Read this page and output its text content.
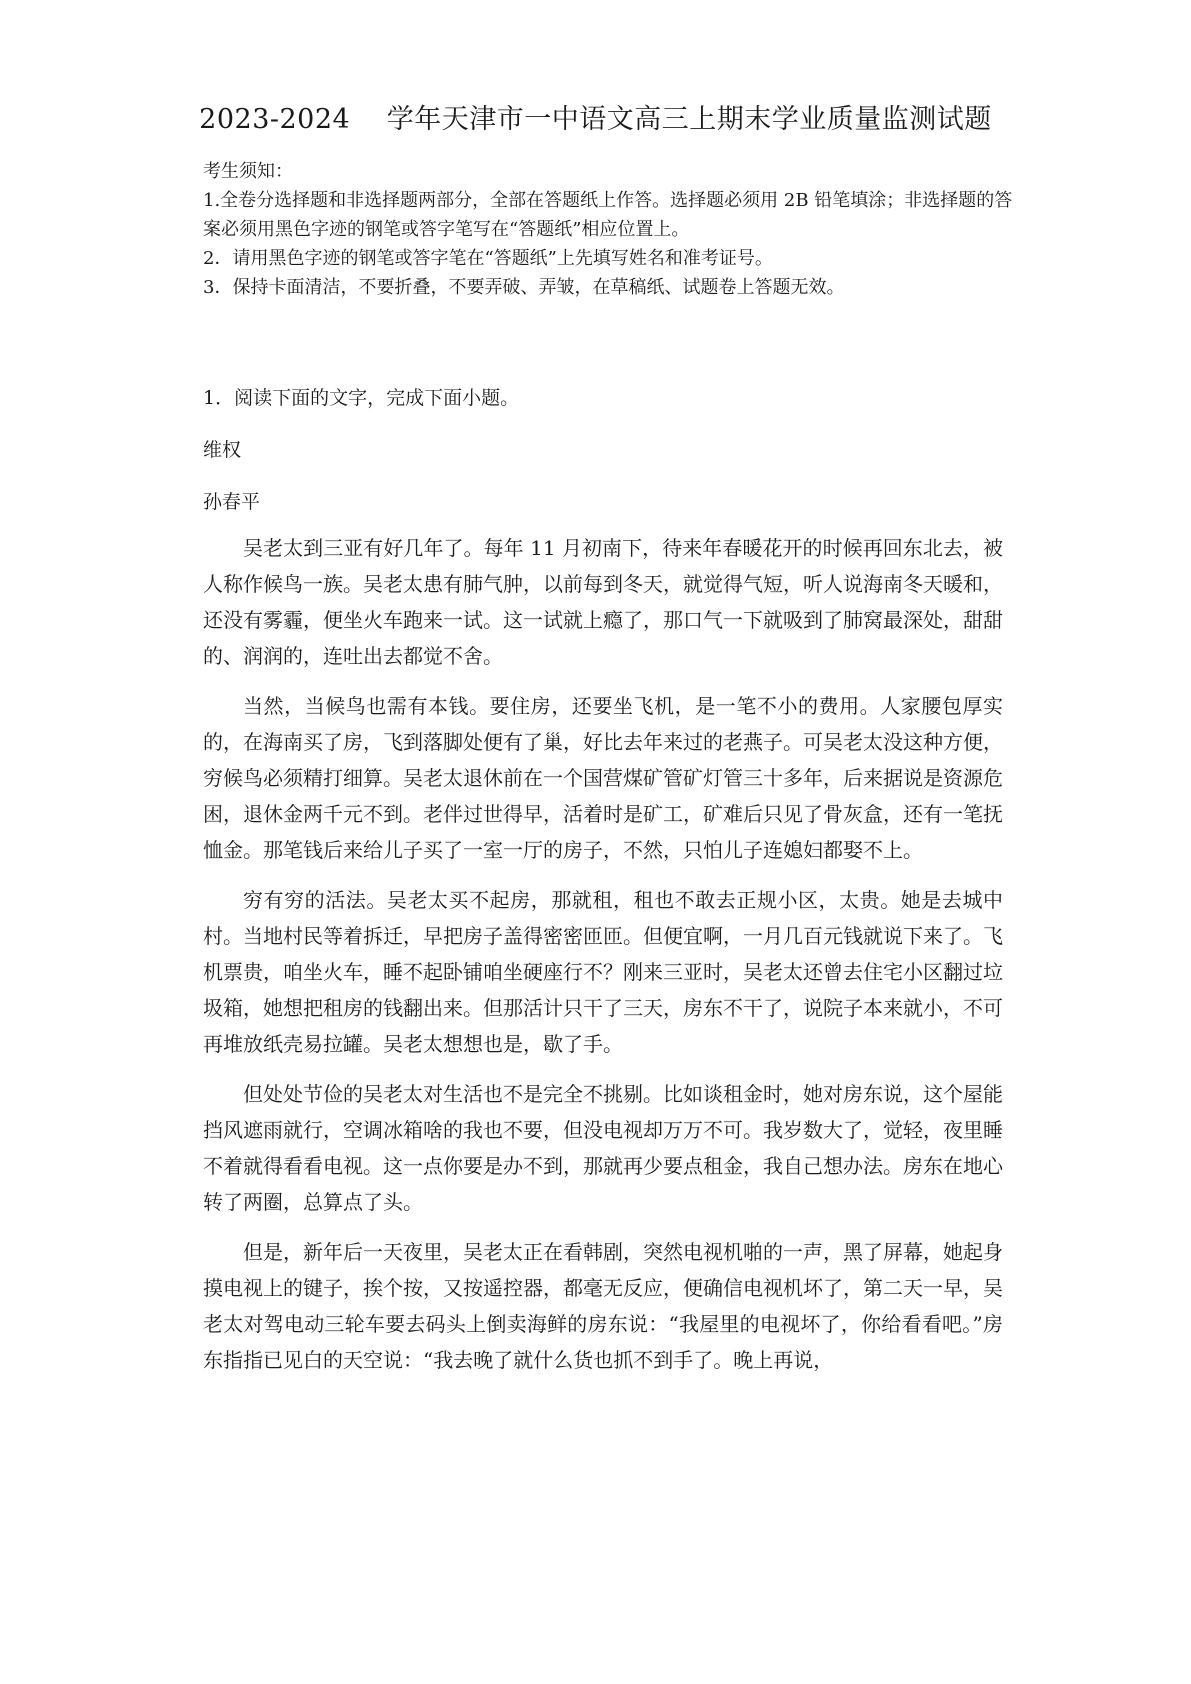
2023-2024　 学年天津市一中语文高三上期末学业质量监测试题

考生须知：

1.全卷分选择题和非选择题两部分，全部在答题纸上作答。选择题必须用 2B 铅笔填涂；非选择题的答案必须用黑色字迹的钢笔或答字笔写在“答题纸”相应位置上。

2．请用黑色字迹的钢笔或答字笔在“答题纸”上先填写姓名和准考证号。

3．保持卡面清洁，不要折叠，不要弄破、弄皱，在草稿纸、试题卷上答题无效。

1．阅读下面的文字，完成下面小题。
维权
孙春平

吴老太到三亚有好几年了。每年 11 月初南下，待来年春暖花开的时候再回东北去，被人称作候鸟一族。吴老太患有肺气肿，以前每到冬天，就觉得气短，听人说海南冬天暖和，还没有雾霾，便坐火车跑来一试。这一试就上瘾了，那口气一下就吸到了肺窝最深处，甜甜的、润润的，连吐出去都觉不舍。

当然，当候鸟也需有本钱。要住房，还要坐飞机，是一笔不小的费用。人家腰包厚实的，在海南买了房，飞到落脚处便有了巢，好比去年来过的老燕子。可吴老太没这种方便，穷候鸟必须精打细算。吴老太退休前在一个国营煤矿管矿灯管三十多年，后来据说是资源危困，退休金两千元不到。老伴过世得早，活着时是矿工，矿难后只见了骨灰盒，还有一笔抚恤金。那笔钱后来给儿子买了一室一厅的房子，不然，只怕儿子连媳妇都娶不上。

穷有穷的活法。吴老太买不起房，那就租，租也不敢去正规小区，太贵。她是去城中村。当地村民等着拆迁，早把房子盖得密密匝匝。但便宜啊，一月几百元钱就说下来了。飞机票贵，咱坐火车，睡不起卧铺咱坐硬座行不？刚来三亚时，吴老太还曾去住宅小区翻过垃圾箱，她想把租房的钱翻出来。但那活计只干了三天，房东不干了，说院子本来就小，不可再堆放纸壳易拉罐。吴老太想想也是，歇了手。

但处处节俭的吴老太对生活也不是完全不挑剔。比如谈租金时，她对房东说，这个屋能挡风遮雨就行，空调冰箱啥的我也不要，但没电视却万万不可。我岁数大了，觉轻，夜里睡不着就得看看电视。这一点你要是办不到，那就再少要点租金，我自己想办法。房东在地心转了两圈，总算点了头。

但是，新年后一天夜里，吴老太正在看韩剧，突然电视机啪的一声，黑了屏幕，她起身摸电视上的键子，挨个按，又按遥控器，都毫无反应，便确信电视机坏了，第二天一早，吴老太对驾电动三轮车要去码头上倒卖海鲜的房东说：“我屋里的电视坏了，你给看看吧。”房东指指已见白的天空说：“我去晚了就什么货也抓不到手了。晚上再说，
